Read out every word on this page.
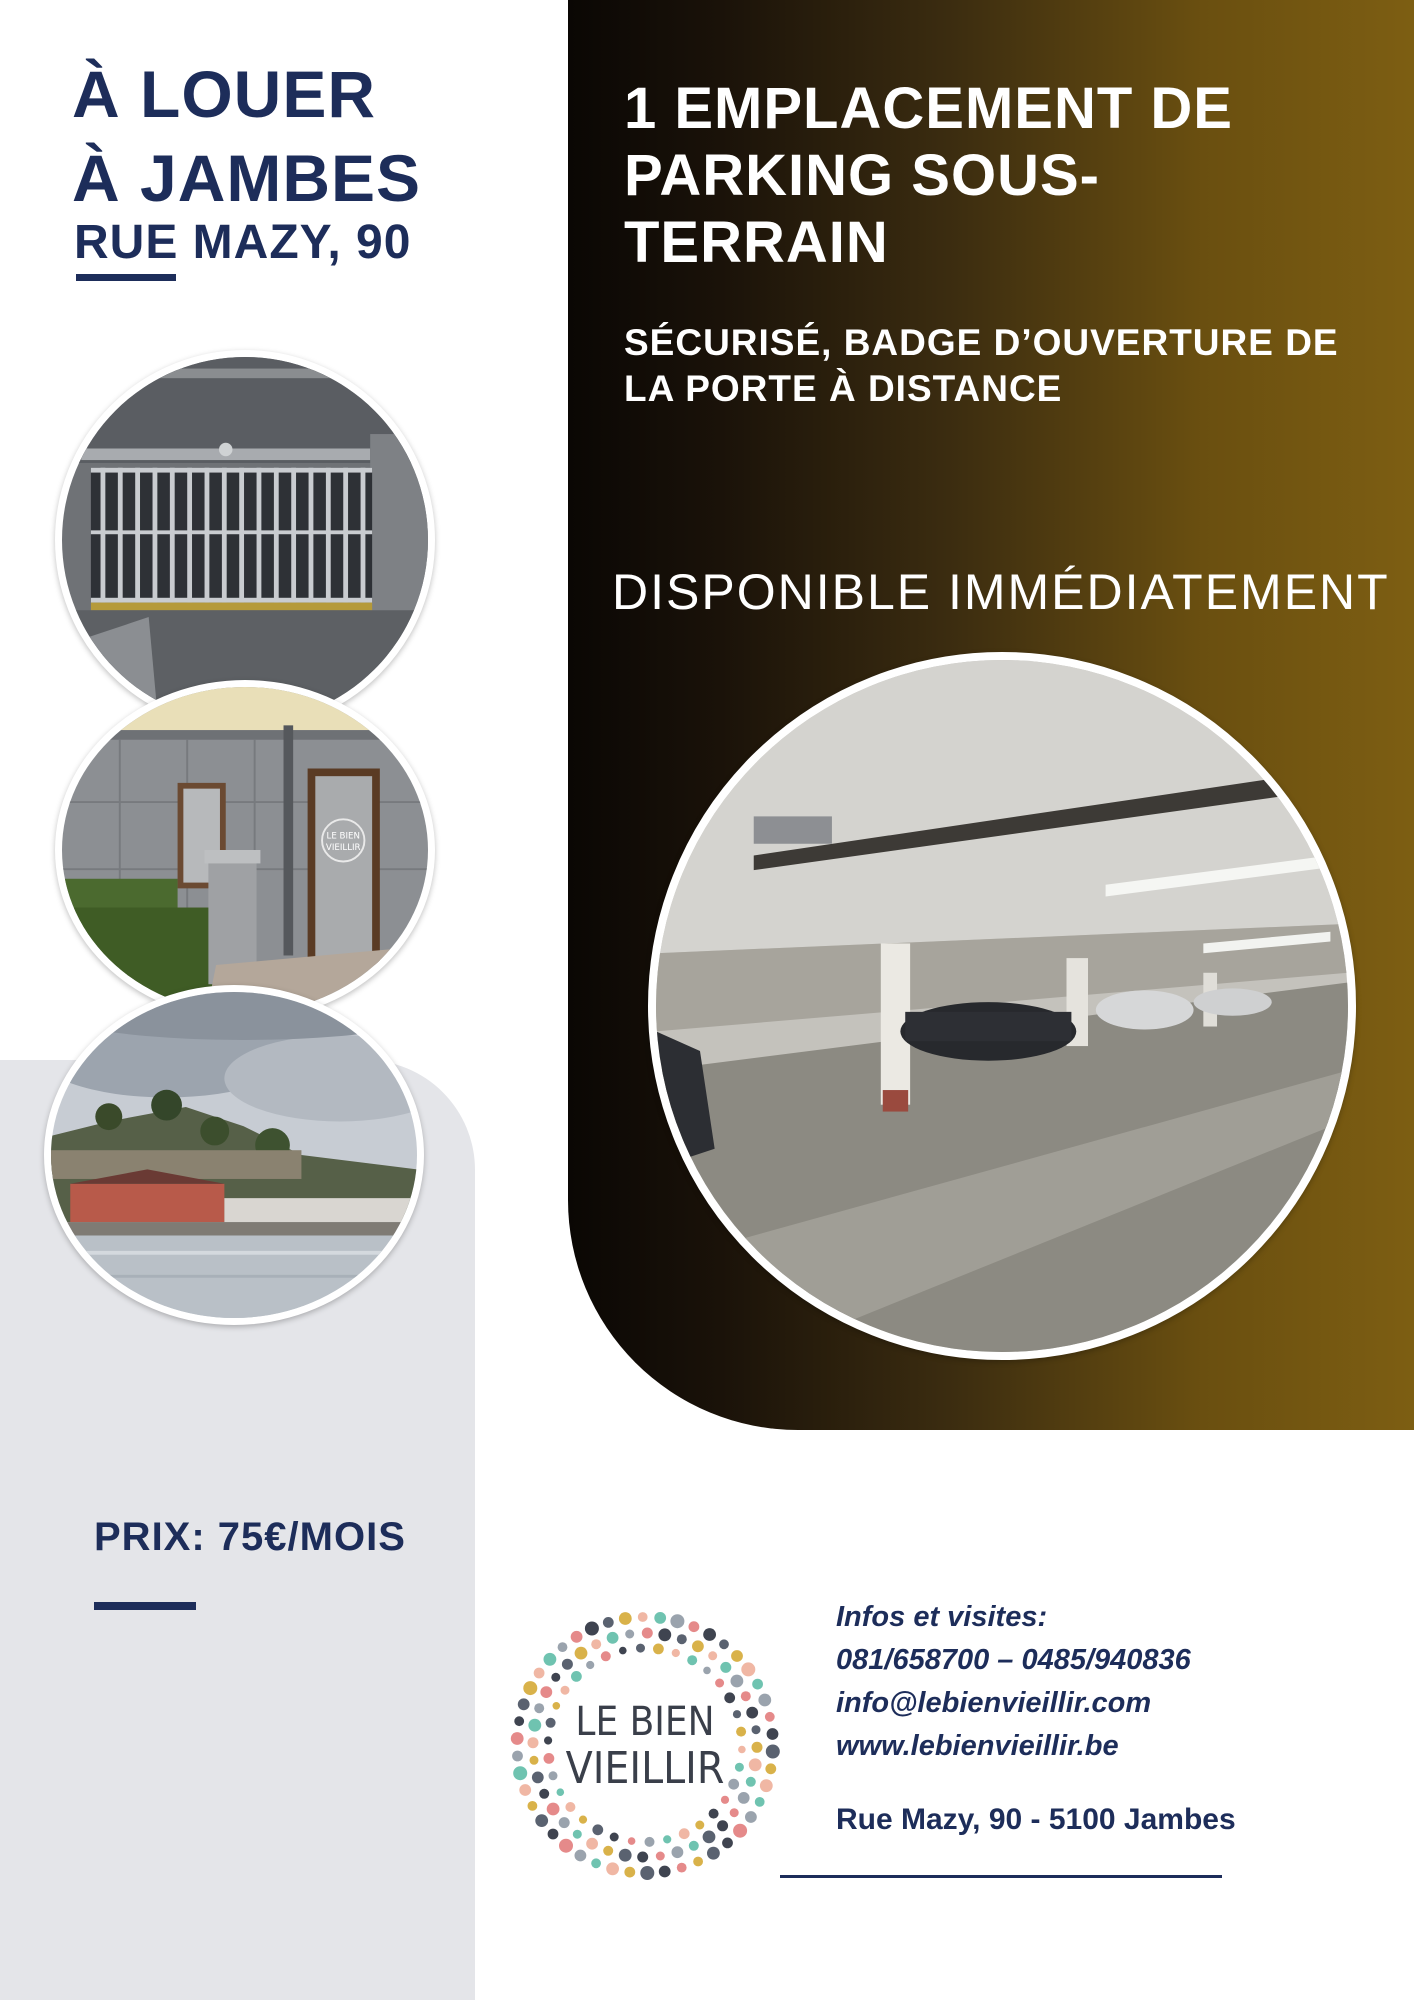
À LOUER
À JAMBES
RUE MAZY, 90
1 EMPLACEMENT DE PARKING SOUS-TERRAIN

SÉCURISÉ, BADGE D’OUVERTURE DE LA PORTE À DISTANCE

DISPONIBLE IMMÉDIATEMENT

LE BIEN
VIEILLIR
PRIX: 75€/MOIS
LE BIEN
VIEILLIR
Infos et visites:
081/658700 – 0485/940836
info@lebienvieillir.com
www.lebienvieillir.be

Rue Mazy, 90 - 5100 Jambes
